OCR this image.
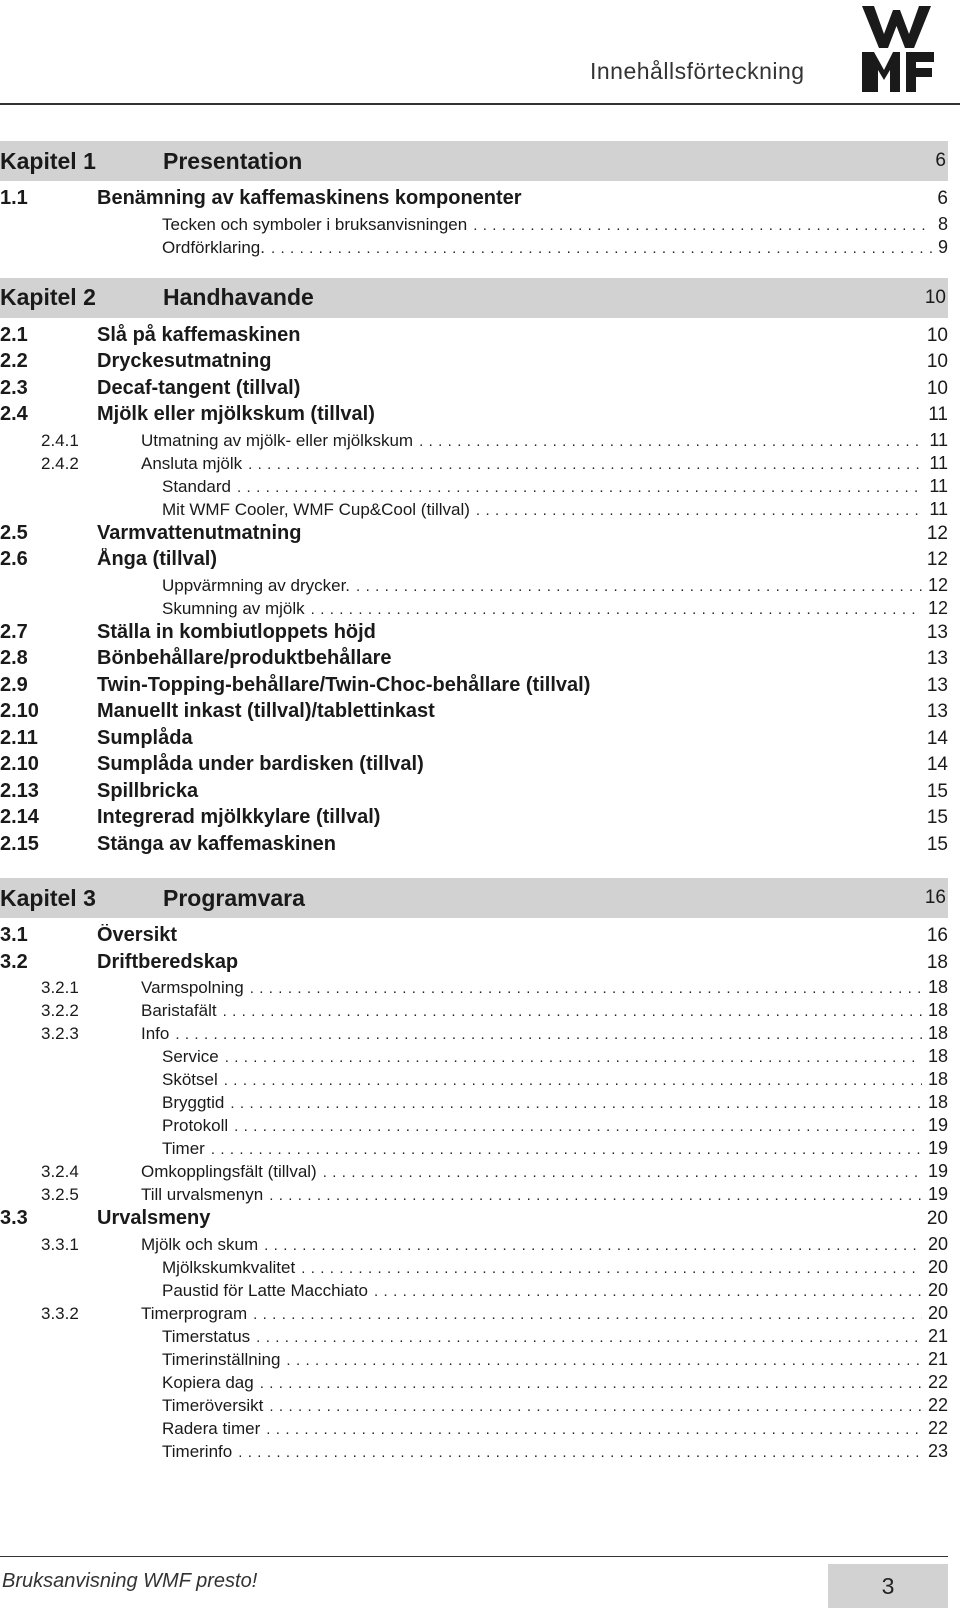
Innehållsförteckning
Kapitel 1	Presentation	6
1.1	Benämning av kaffemaskinens komponenter	6
Tecken och symboler i bruksanvisningen . . .	8
Ordförklaring. . . .	9
Kapitel 2	Handhavande	10
2.1	Slå på kaffemaskinen	10
2.2	Dryckesutmatning	10
2.3	Decaf-tangent (tillval)	10
2.4	Mjölk eller mjölkskum (tillval)	11
2.4.1	Utmatning av mjölk- eller mjölkskum . . .	11
2.4.2	Ansluta mjölk . . .	11
Standard . . .	11
Mit WMF Cooler, WMF Cup&Cool (tillval) . . .	11
2.5	Varmvattenutmatning	12
2.6	Ånga (tillval)	12
Uppvärmning av drycker. . . .	12
Skumning av mjölk . . .	12
2.7	Ställa in kombiutloppets höjd	13
2.8	Bönbehållare/produktbehållare	13
2.9	Twin-Topping-behållare/Twin-Choc-behållare (tillval)	13
2.10	Manuellt inkast (tillval)/tablettinkast	13
2.11	Sumplåda	14
2.10	Sumplåda under bardisken (tillval)	14
2.13	Spillbricka	15
2.14	Integrerad mjölkkylare (tillval)	15
2.15	Stänga av kaffemaskinen	15
Kapitel 3	Programvara	16
3.1	Översikt	16
3.2	Driftberedskap	18
3.2.1	Varmspolning . . .	18
3.2.2	Baristafält . . .	18
3.2.3	Info . . .	18
Service . . .	18
Skötsel . . .	18
Bryggtid . . .	18
Protokoll . . .	19
Timer . . .	19
3.2.4	Omkopplingsfält (tillval) . . .	19
3.2.5	Till urvalsmenyn . . .	19
3.3	Urvalsmeny	20
3.3.1	Mjölk och skum . . .	20
Mjölkskumkvalitet . . .	20
Paustid för Latte Macchiato . . .	20
3.3.2	Timerprogram . . .	20
Timerstatus . . .	21
Timerinställning . . .	21
Kopiera dag . . .	22
Timeröversikt . . .	22
Radera timer . . .	22
Timerinfo . . .	23
Bruksanvisning WMF presto!	3
